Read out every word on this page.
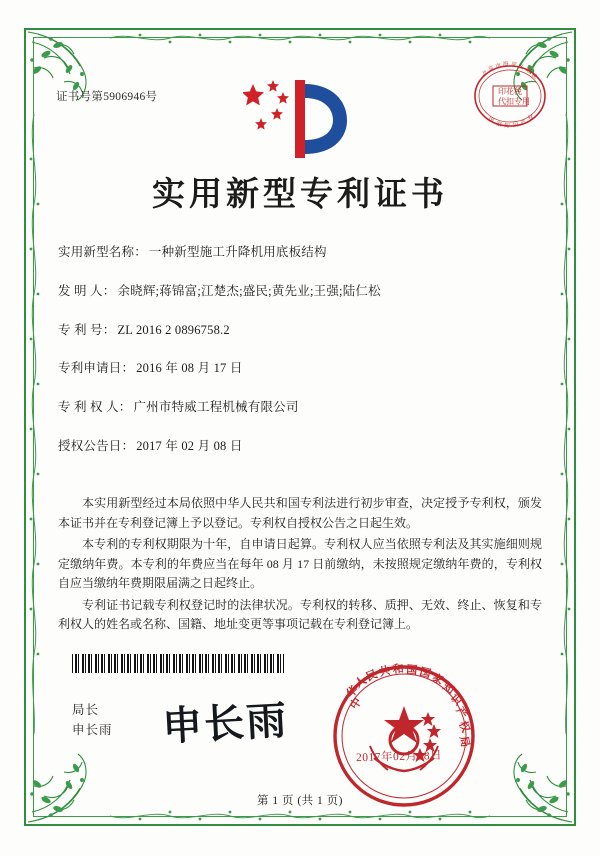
证书号第5906946号	印花税
代扣专用
北
京 市 海 淀 区 地
税
国
家 知 识 产
权
实用新型专利证书
实用新型名称： 一种新型施工升降机用底板结构
发 明 人： 余晓辉;蒋锦富;江楚杰;盛民;黄先业;王强;陆仁松
专 利 号： ZL 2016 2 0896758.2
专利申请日： 2016 年 08 月 17 日
专 利 权 人： 广州市特威工程机械有限公司
授权公告日： 2017 年 02 月 08 日

本实用新型经过本局依照中华人民共和国专利法进行初步审查，决定授予专利权，颁发本证书并在专利登记簿上予以登记。专利权自授权公告之日起生效。

本专利的专利权期限为十年，自申请日起算。专利权人应当依照专利法及其实施细则规定缴纳年费。本专利的年费应当在每年 08 月 17 日前缴纳，未按照规定缴纳年费的，专利权自应当缴纳年费期限届满之日起终止。

专利证书记载专利权登记时的法律状况。专利权的转移、质押、无效、终止、恢复和专利权人的姓名或名称、国籍、地址变更等事项记载在专利登记簿上。

局长
申长雨 申长雨	中
华
人
民
共 和 国 国
家
知
识
产
权
局
2017年02月08日
第 1 页 (共 1 页)
